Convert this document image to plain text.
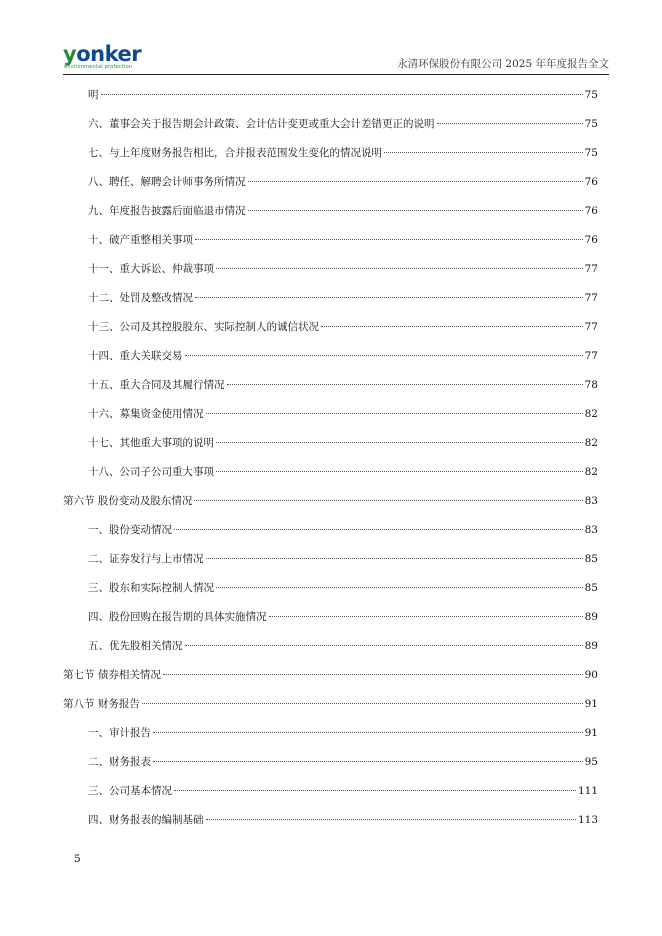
yonker
environmental protection	永清环保股份有限公司 2025 年年度报告全文
明	75
六、董事会关于报告期会计政策、会计估计变更或重大会计差错更正的说明	75
七、与上年度财务报告相比，合并报表范围发生变化的情况说明	75
八、聘任、解聘会计师事务所情况	76
九、年度报告披露后面临退市情况	76
十、破产重整相关事项	76
十一、重大诉讼、仲裁事项	77
十二、处罚及整改情况	77
十三、公司及其控股股东、实际控制人的诚信状况	77
十四、重大关联交易	77
十五、重大合同及其履行情况	78
十六、募集资金使用情况	82
十七、其他重大事项的说明	82
十八、公司子公司重大事项	82
第六节 股份变动及股东情况	83
一、股份变动情况	83
二、证券发行与上市情况	85
三、股东和实际控制人情况	85
四、股份回购在报告期的具体实施情况	89
五、优先股相关情况	89
第七节 债券相关情况	90
第八节 财务报告	91
一、审计报告	91
二、财务报表	95
三、公司基本情况	111
四、财务报表的编制基础	113
5
